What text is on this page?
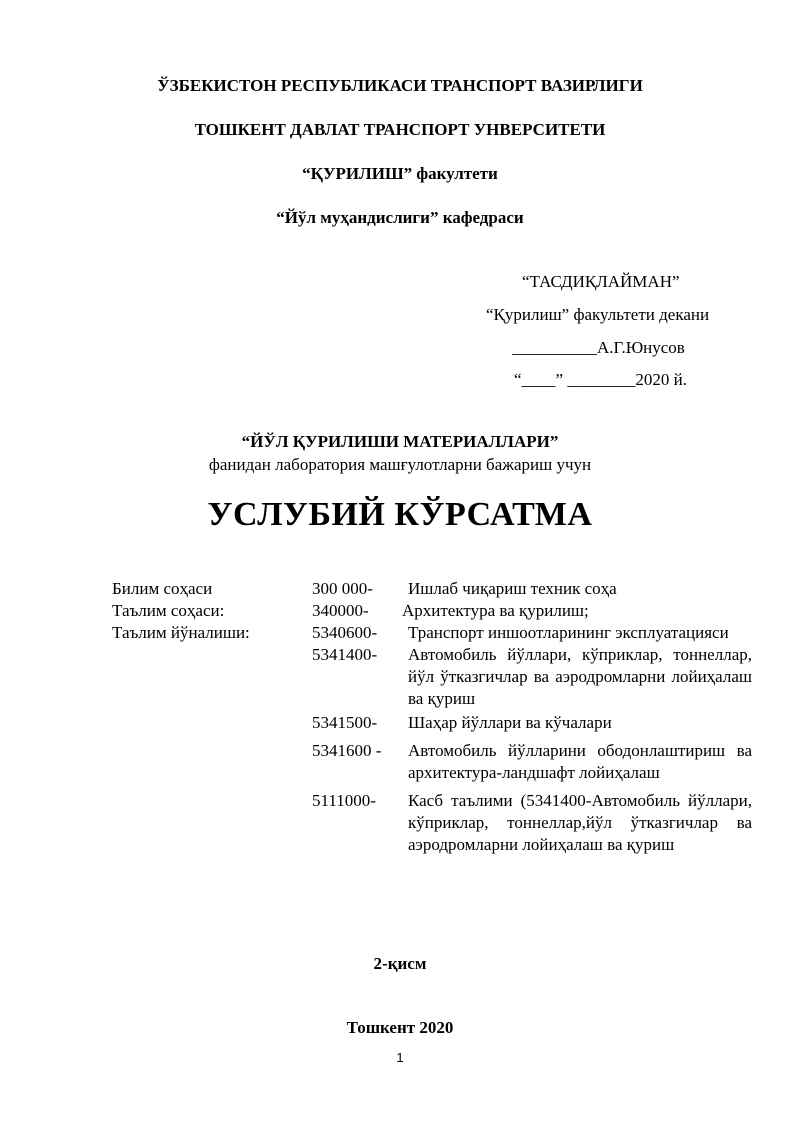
ЎЗБЕКИСТОН РЕСПУБЛИКАСИ ТРАНСПОРТ ВАЗИРЛИГИ
ТОШКЕНТ ДАВЛАТ ТРАНСПОРТ УНВЕРСИТЕТИ
“ҚУРИЛИШ” факултети
“Йўл муҳандислиги” кафедраси
“ТАСДИҚЛАЙМАН”
“Қурилиш” факультети декани
__________А.Г.Юнусов
“____” ________2020 й.
“ЙЎЛ ҚУРИЛИШИ МАТЕРИАЛЛАРИ”
фанидан лаборатория машғулотларни бажариш учун
УСЛУБИЙ КЎРСАТМА
Билим соҳаси	300 000-	Ишлаб чиқариш техник соҳа
Таълим соҳаси:	340000-	Архитектура ва қурилиш;
Таълим йўналиши:	5340600-	Транспорт иншоотларининг эксплуатацияси
5341400-	Автомобиль йўллари, кўприклар, тоннеллар, йўл ўтказгичлар ва аэродромларни лойиҳалаш ва қуриш
5341500-	Шаҳар йўллари ва кўчалари
5341600 -	Автомобиль йўлларини ободонлаштириш ва архитектура-ландшафт лойиҳалаш
5111000-	Касб таълими (5341400-Автомобиль йўллари, кўприклар, тоннеллар,йўл ўтказгичлар ва аэродромларни лойиҳалаш ва қуриш
2-қисм
Тошкент 2020
1
